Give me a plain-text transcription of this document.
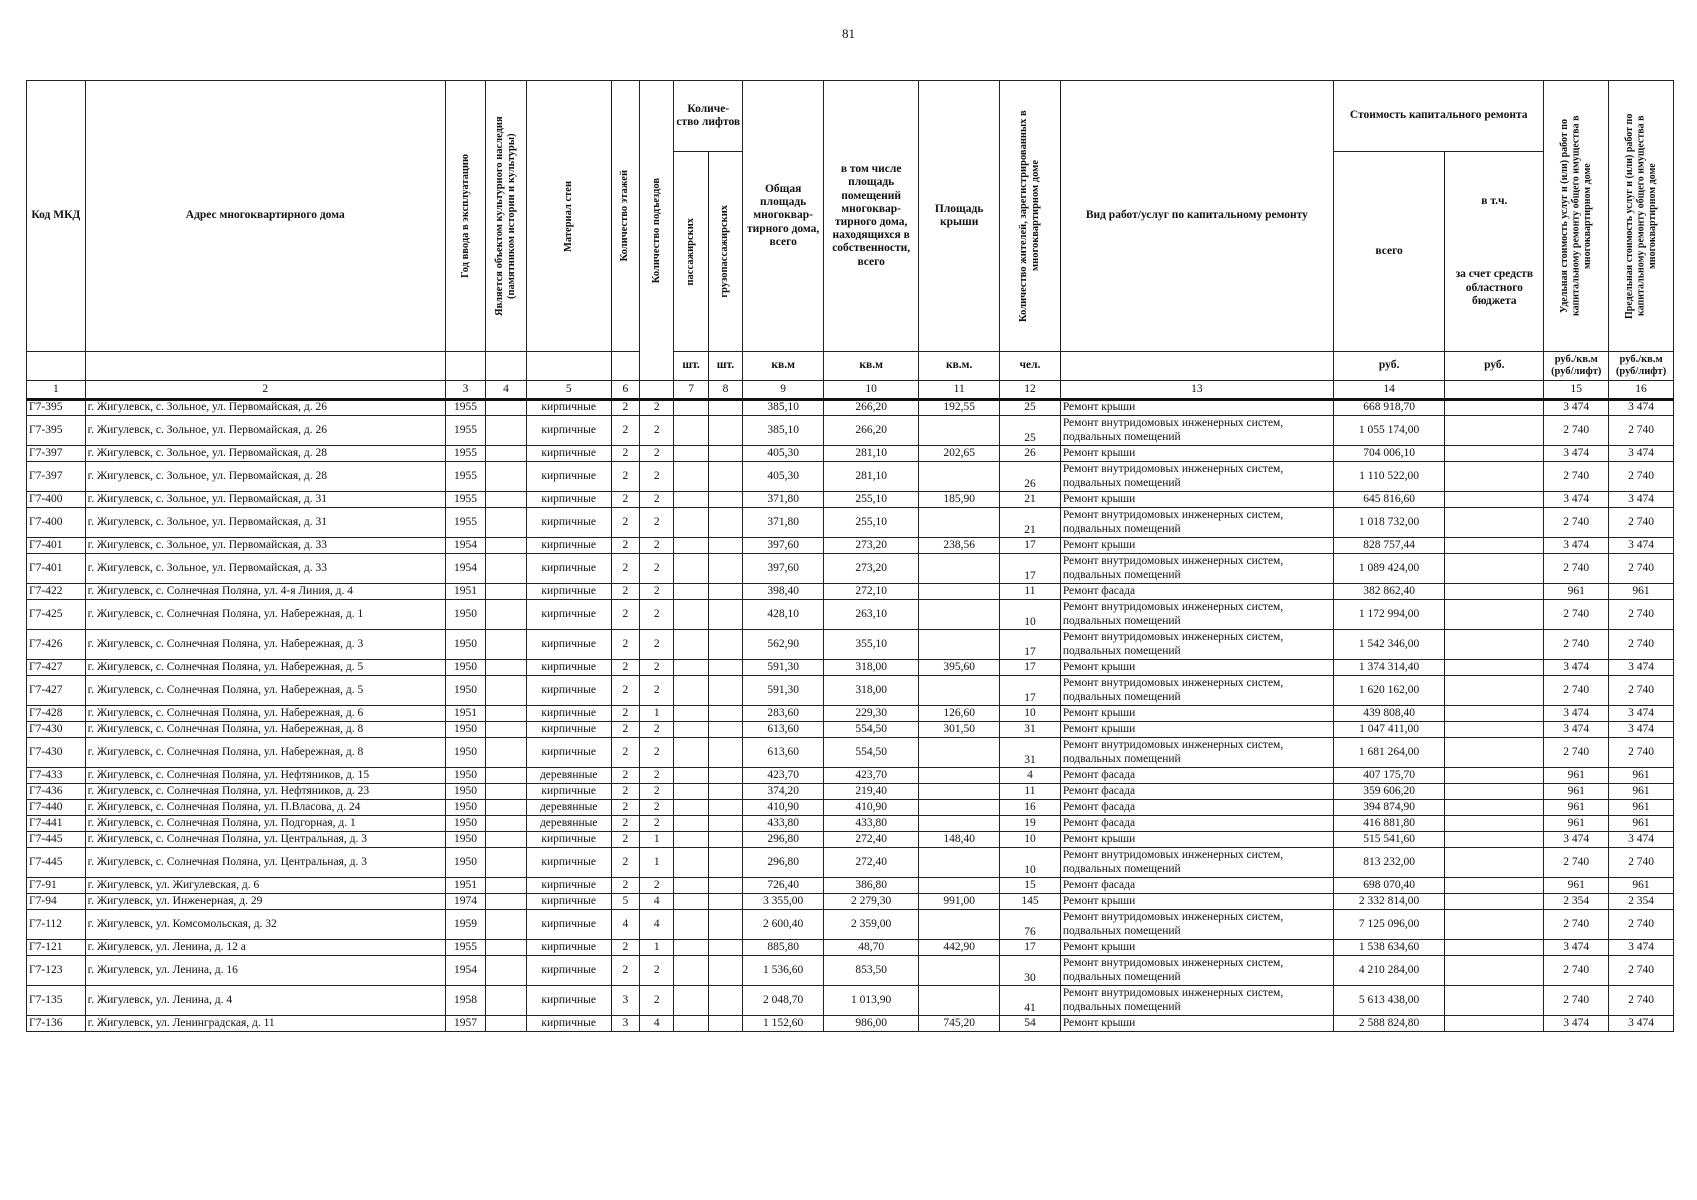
81
Код МКД	Адрес многоквартирного дома	Год ввода в эксплуатацию	Является объектом культурного наследия (памятником истории и культуры)	Материал стен	Количество этажей	Количество подъездов	Количе- ство лифтов		Общая площадь многоквар- тирного дома, всего	в том числе площадь помещений многоквар- тирного дома, находящихся в собственности, всего	Площадь крыши	Количество жителей, зарегистрированных в многоквартирном доме	Вид работ/услуг по капитальному ремонту	Стоимость капитального ремонта		Удельная стоимость услуг и (или) работ по капитальному ремонту общего имущества в многоквартирном доме	Предельная стоимость услуг и (или) работ по капитальному ремонту общего имущества в многоквартирном доме

							пассажирских	грузопассажирских						всего	в т.ч.
за счет средств областного бюджета		

							шт.	шт.	кв.м	кв.м	кв.м.	чел.		руб.	руб.	руб./кв.м (руб/лифт)	руб./кв.м (руб/лифт)
1	2	3	4	5	6		7	8	9	10	11	12	13	14		15	16
Г7-395	г. Жигулевск, с. Зольное, ул. Первомайская, д. 26	1955		кирпичные	2	2			385,10	266,20	192,55	25	Ремонт крыши	668 918,70		3 474	3 474
Г7-395	г. Жигулевск, с. Зольное, ул. Первомайская, д. 26	1955		кирпичные	2	2			385,10	266,20		25	Ремонт внутридомовых инженерных систем, подвальных помещений	1 055 174,00		2 740	2 740
Г7-397	г. Жигулевск, с. Зольное, ул. Первомайская, д. 28	1955		кирпичные	2	2			405,30	281,10	202,65	26	Ремонт крыши	704 006,10		3 474	3 474
Г7-397	г. Жигулевск, с. Зольное, ул. Первомайская, д. 28	1955		кирпичные	2	2			405,30	281,10		26	Ремонт внутридомовых инженерных систем, подвальных помещений	1 110 522,00		2 740	2 740
Г7-400	г. Жигулевск, с. Зольное, ул. Первомайская, д. 31	1955		кирпичные	2	2			371,80	255,10	185,90	21	Ремонт крыши	645 816,60		3 474	3 474
Г7-400	г. Жигулевск, с. Зольное, ул. Первомайская, д. 31	1955		кирпичные	2	2			371,80	255,10		21	Ремонт внутридомовых инженерных систем, подвальных помещений	1 018 732,00		2 740	2 740
Г7-401	г. Жигулевск, с. Зольное, ул. Первомайская, д. 33	1954		кирпичные	2	2			397,60	273,20	238,56	17	Ремонт крыши	828 757,44		3 474	3 474
Г7-401	г. Жигулевск, с. Зольное, ул. Первомайская, д. 33	1954		кирпичные	2	2			397,60	273,20		17	Ремонт внутридомовых инженерных систем, подвальных помещений	1 089 424,00		2 740	2 740
Г7-422	г. Жигулевск, с. Солнечная Поляна, ул. 4-я Линия, д. 4	1951		кирпичные	2	2			398,40	272,10		11	Ремонт фасада	382 862,40		961	961
Г7-425	г. Жигулевск, с. Солнечная Поляна, ул. Набережная, д. 1	1950		кирпичные	2	2			428,10	263,10		10	Ремонт внутридомовых инженерных систем, подвальных помещений	1 172 994,00		2 740	2 740
Г7-426	г. Жигулевск, с. Солнечная Поляна, ул. Набережная, д. 3	1950		кирпичные	2	2			562,90	355,10		17	Ремонт внутридомовых инженерных систем, подвальных помещений	1 542 346,00		2 740	2 740
Г7-427	г. Жигулевск, с. Солнечная Поляна, ул. Набережная, д. 5	1950		кирпичные	2	2			591,30	318,00	395,60	17	Ремонт крыши	1 374 314,40		3 474	3 474
Г7-427	г. Жигулевск, с. Солнечная Поляна, ул. Набережная, д. 5	1950		кирпичные	2	2			591,30	318,00		17	Ремонт внутридомовых инженерных систем, подвальных помещений	1 620 162,00		2 740	2 740
Г7-428	г. Жигулевск, с. Солнечная Поляна, ул. Набережная, д. 6	1951		кирпичные	2	1			283,60	229,30	126,60	10	Ремонт крыши	439 808,40		3 474	3 474
Г7-430	г. Жигулевск, с. Солнечная Поляна, ул. Набережная, д. 8	1950		кирпичные	2	2			613,60	554,50	301,50	31	Ремонт крыши	1 047 411,00		3 474	3 474
Г7-430	г. Жигулевск, с. Солнечная Поляна, ул. Набережная, д. 8	1950		кирпичные	2	2			613,60	554,50		31	Ремонт внутридомовых инженерных систем, подвальных помещений	1 681 264,00		2 740	2 740
Г7-433	г. Жигулевск, с. Солнечная Поляна, ул. Нефтяников, д. 15	1950		деревянные	2	2			423,70	423,70		4	Ремонт фасада	407 175,70		961	961
Г7-436	г. Жигулевск, с. Солнечная Поляна, ул. Нефтяников, д. 23	1950		кирпичные	2	2			374,20	219,40		11	Ремонт фасада	359 606,20		961	961
Г7-440	г. Жигулевск, с. Солнечная Поляна, ул. П.Власова, д. 24	1950		деревянные	2	2			410,90	410,90		16	Ремонт фасада	394 874,90		961	961
Г7-441	г. Жигулевск, с. Солнечная Поляна, ул. Подгорная, д. 1	1950		деревянные	2	2			433,80	433,80		19	Ремонт фасада	416 881,80		961	961
Г7-445	г. Жигулевск, с. Солнечная Поляна, ул. Центральная, д. 3	1950		кирпичные	2	1			296,80	272,40	148,40	10	Ремонт крыши	515 541,60		3 474	3 474
Г7-445	г. Жигулевск, с. Солнечная Поляна, ул. Центральная, д. 3	1950		кирпичные	2	1			296,80	272,40		10	Ремонт внутридомовых инженерных систем, подвальных помещений	813 232,00		2 740	2 740
Г7-91	г. Жигулевск, ул. Жигулевская, д. 6	1951		кирпичные	2	2			726,40	386,80		15	Ремонт фасада	698 070,40		961	961
Г7-94	г. Жигулевск, ул. Инженерная, д. 29	1974		кирпичные	5	4			3 355,00	2 279,30	991,00	145	Ремонт крыши	2 332 814,00		2 354	2 354
Г7-112	г. Жигулевск, ул. Комсомольская, д. 32	1959		кирпичные	4	4			2 600,40	2 359,00		76	Ремонт внутридомовых инженерных систем, подвальных помещений	7 125 096,00		2 740	2 740
Г7-121	г. Жигулевск, ул. Ленина, д. 12 а	1955		кирпичные	2	1			885,80	48,70	442,90	17	Ремонт крыши	1 538 634,60		3 474	3 474
Г7-123	г. Жигулевск, ул. Ленина, д. 16	1954		кирпичные	2	2			1 536,60	853,50		30	Ремонт внутридомовых инженерных систем, подвальных помещений	4 210 284,00		2 740	2 740
Г7-135	г. Жигулевск, ул. Ленина, д. 4	1958		кирпичные	3	2			2 048,70	1 013,90		41	Ремонт внутридомовых инженерных систем, подвальных помещений	5 613 438,00		2 740	2 740
Г7-136	г. Жигулевск, ул. Ленинградская, д. 11	1957		кирпичные	3	4			1 152,60	986,00	745,20	54	Ремонт крыши	2 588 824,80		3 474	3 474
